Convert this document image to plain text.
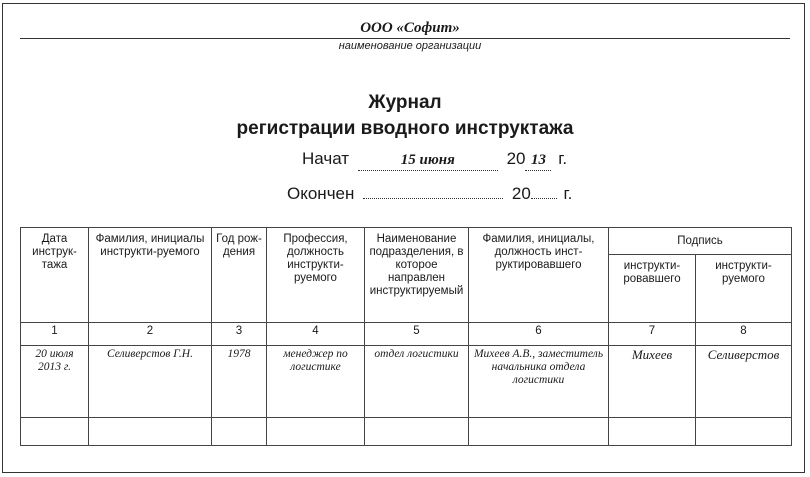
ООО «Софит»
наименование организации
Журнал
регистрации вводного инструктажа
Начат	15 июня	20 13 г.
Окончен	20 г.
Дата инструк-тажа	Фамилия, инициалы инструкти-руемого	Год рож-дения	Профессия, должность инструкти-руемого	Наименование подразделения, в которое направлен инструктируемый	Фамилия, инициалы, должность инст-руктировавшего	Подпись	
						инструкти-ровавшего	инструкти-руемого
1	2	3	4	5	6	7	8
20 июля 2013 г.	Селиверстов Г.Н.	1978	менеджер по логистике	отдел логистики	Михеев А.В., заместитель начальника отдела логистики	Михеев	Селиверстов
